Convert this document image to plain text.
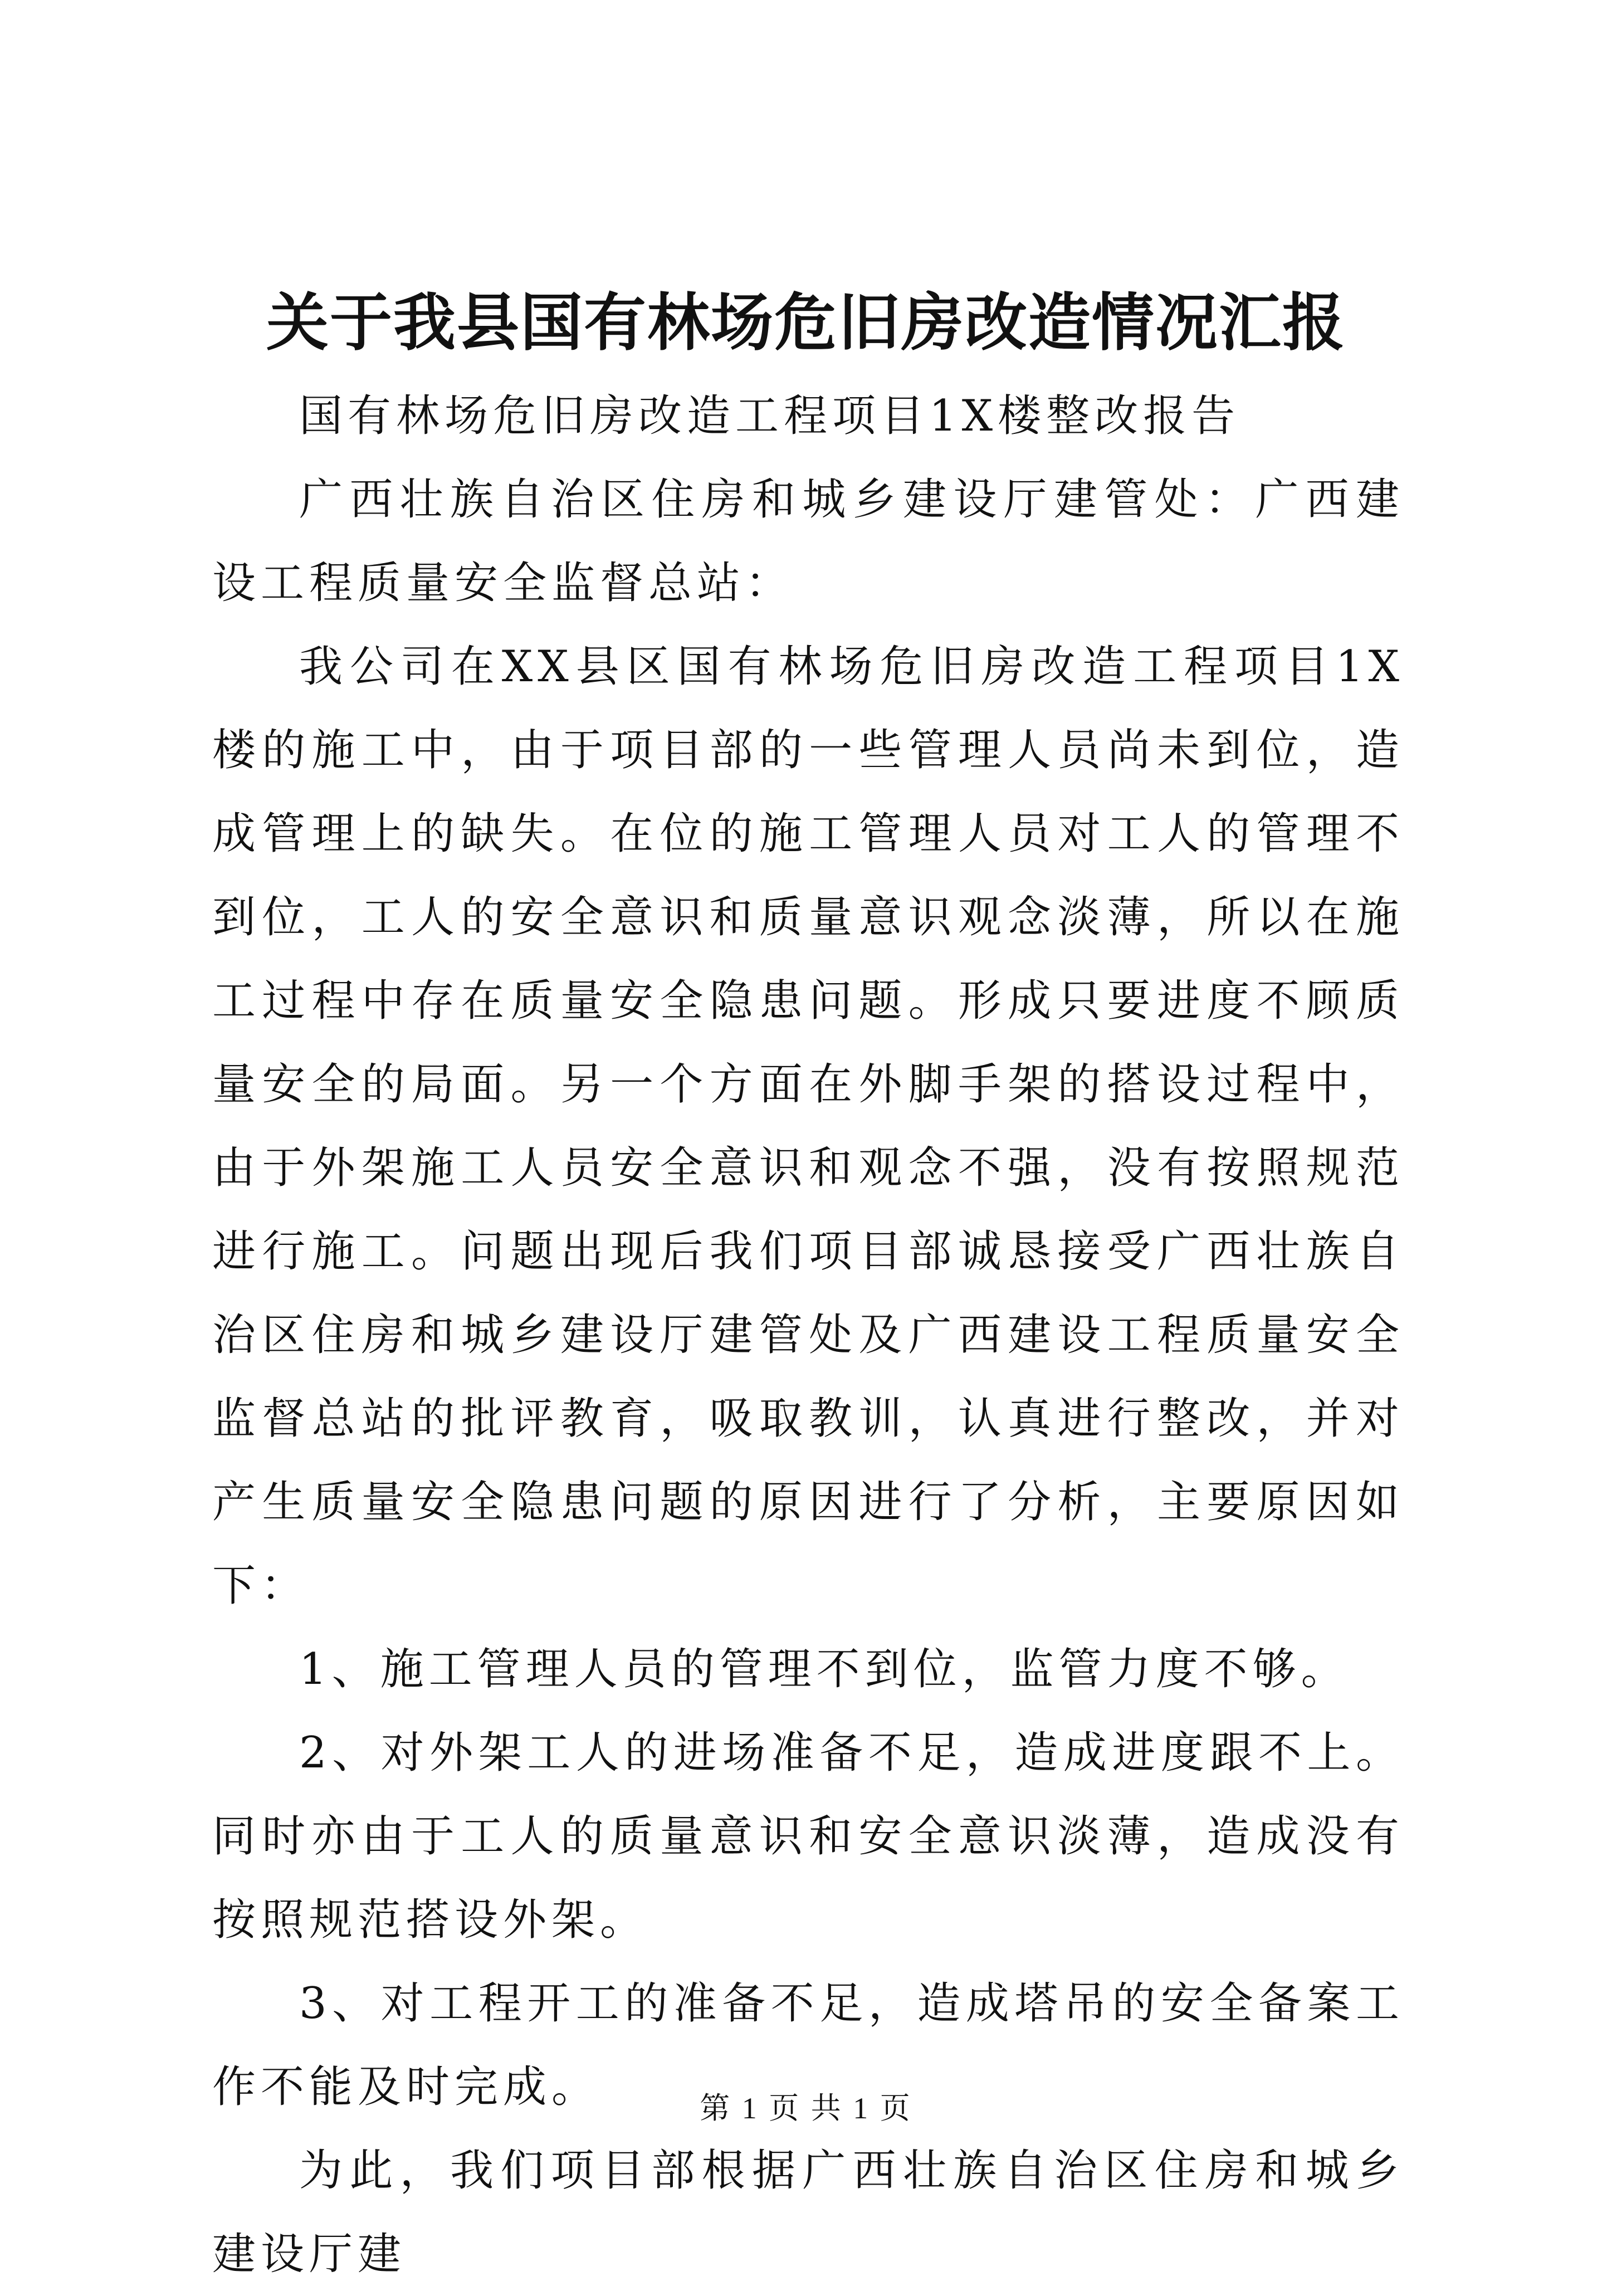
关于我县国有林场危旧房改造情况汇报

国有林场危旧房改造工程项目1X楼整改报告

广西壮族自治区住房和城乡建设厅建管处：广西建设工程质量安全监督总站：

我公司在XX县区国有林场危旧房改造工程项目1X楼的施工中，由于项目部的一些管理人员尚未到位，造成管理上的缺失。在位的施工管理人员对工人的管理不到位，工人的安全意识和质量意识观念淡薄，所以在施工过程中存在质量安全隐患问题。形成只要进度不顾质量安全的局面。另一个方面在外脚手架的搭设过程中，由于外架施工人员安全意识和观念不强，没有按照规范进行施工。问题出现后我们项目部诚恳接受广西壮族自治区住房和城乡建设厅建管处及广西建设工程质量安全监督总站的批评教育，吸取教训，认真进行整改，并对产生质量安全隐患问题的原因进行了分析，主要原因如下：

1、施工管理人员的管理不到位，监管力度不够。

2、对外架工人的进场准备不足，造成进度跟不上。同时亦由于工人的质量意识和安全意识淡薄，造成没有按照规范搭设外架。

3、对工程开工的准备不足，造成塔吊的安全备案工作不能及时完成。

为此，我们项目部根据广西壮族自治区住房和城乡建设厅建

第 1 页 共 1 页
